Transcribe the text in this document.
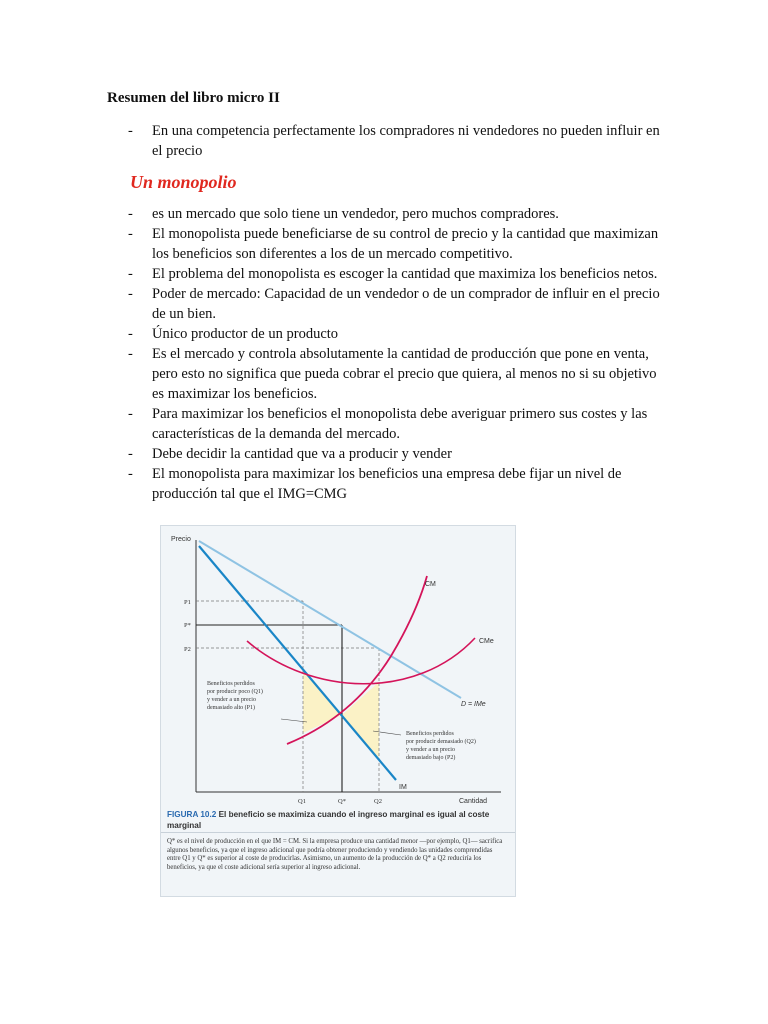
Resumen del libro micro II
- En una competencia perfectamente los compradores ni vendedores no pueden influir en el precio
Un monopolio
- es un mercado que solo tiene un vendedor, pero muchos compradores.
- El monopolista puede beneficiarse de su control de precio y la cantidad que maximizan los beneficios son diferentes a los de un mercado competitivo.
- El problema del monopolista es escoger la cantidad que maximiza los beneficios netos.
- Poder de mercado: Capacidad de un vendedor o de un comprador de influir en el precio de un bien.
- Único productor de un producto
- Es el mercado y controla absolutamente la cantidad de producción que pone en venta, pero esto no significa que pueda cobrar el precio que quiera, al menos no si su objetivo es maximizar los beneficios.
- Para maximizar los beneficios el monopolista debe averiguar primero sus costes y las características de la demanda del mercado.
- Debe decidir la cantidad que va a producir y vender
- El monopolista para maximizar los beneficios una empresa debe fijar un nivel de producción tal que el IMG=CMG
Precio
Cantidad
P1
P*
P2
Q1	Q*	Q2
CM
CMe
D = IMe
IM
Beneficios perdidos
por producir poco (Q1)
y vender a un precio
demasiado alto (P1)
Beneficios perdidos
por producir demasiado (Q2)
y vender a un precio
demasiado bajo (P2)
FIGURA 10.2 El beneficio se maximiza cuando el ingreso marginal es igual al coste marginal
Q* es el nivel de producción en el que IM = CM. Si la empresa produce una cantidad menor —por ejemplo, Q1— sacrifica algunos beneficios, ya que el ingreso adicional que podría obtener produciendo y vendiendo las unidades comprendidas entre Q1 y Q* es superior al coste de producirlas. Asimismo, un aumento de la producción de Q* a Q2 reduciría los beneficios, ya que el coste adicional sería superior al ingreso adicional.
